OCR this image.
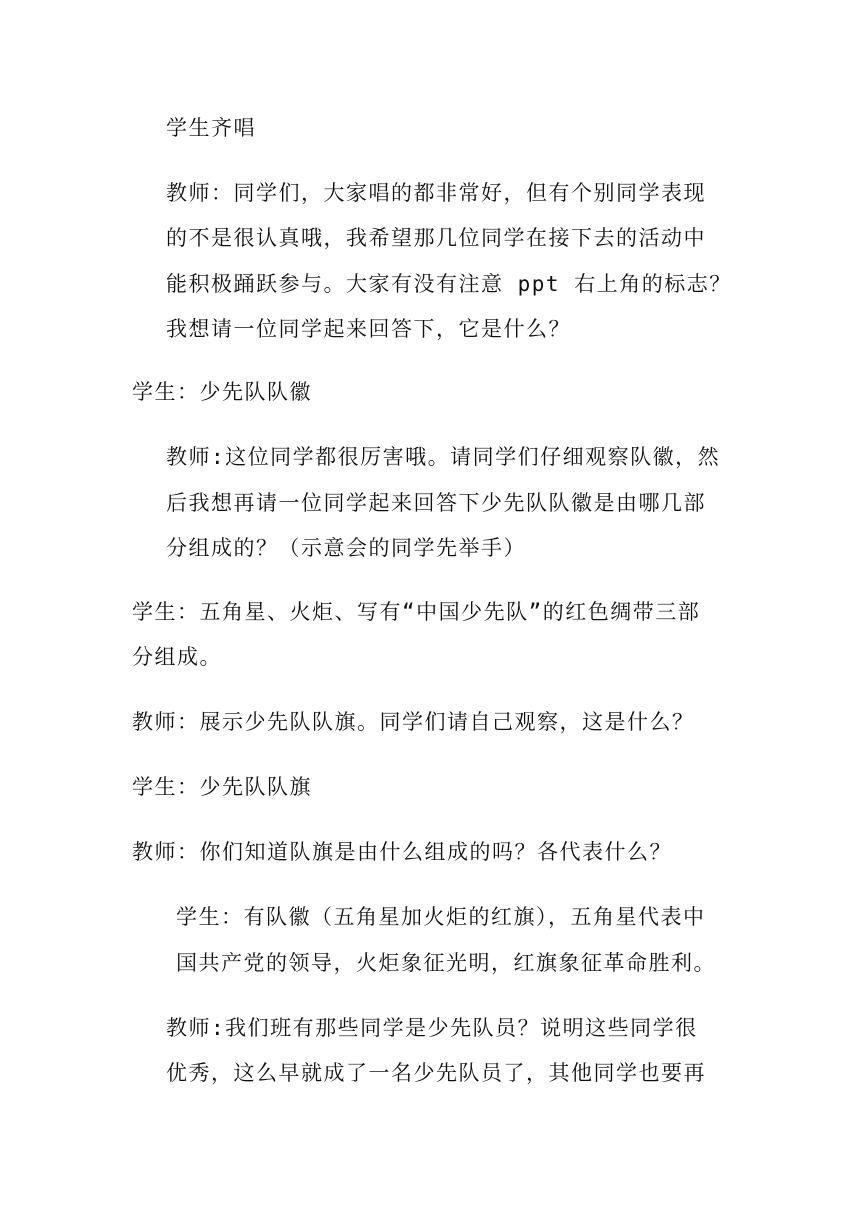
学生齐唱
教师：同学们，大家唱的都非常好，但有个别同学表现
的不是很认真哦，我希望那几位同学在接下去的活动中
能积极踊跃参与。大家有没有注意 ppt 右上角的标志？
我想请一位同学起来回答下，它是什么？
学生：少先队队徽
教师:这位同学都很厉害哦。请同学们仔细观察队徽，然
后我想再请一位同学起来回答下少先队队徽是由哪几部
分组成的？（示意会的同学先举手）
学生：五角星、火炬、写有“中国少先队”的红色绸带三部
分组成。
教师：展示少先队队旗。同学们请自己观察，这是什么？
学生：少先队队旗
教师：你们知道队旗是由什么组成的吗？各代表什么？
学生：有队徽（五角星加火炬的红旗），五角星代表中
国共产党的领导，火炬象征光明，红旗象征革命胜利。
教师:我们班有那些同学是少先队员？说明这些同学很
优秀，这么早就成了一名少先队员了，其他同学也要再
